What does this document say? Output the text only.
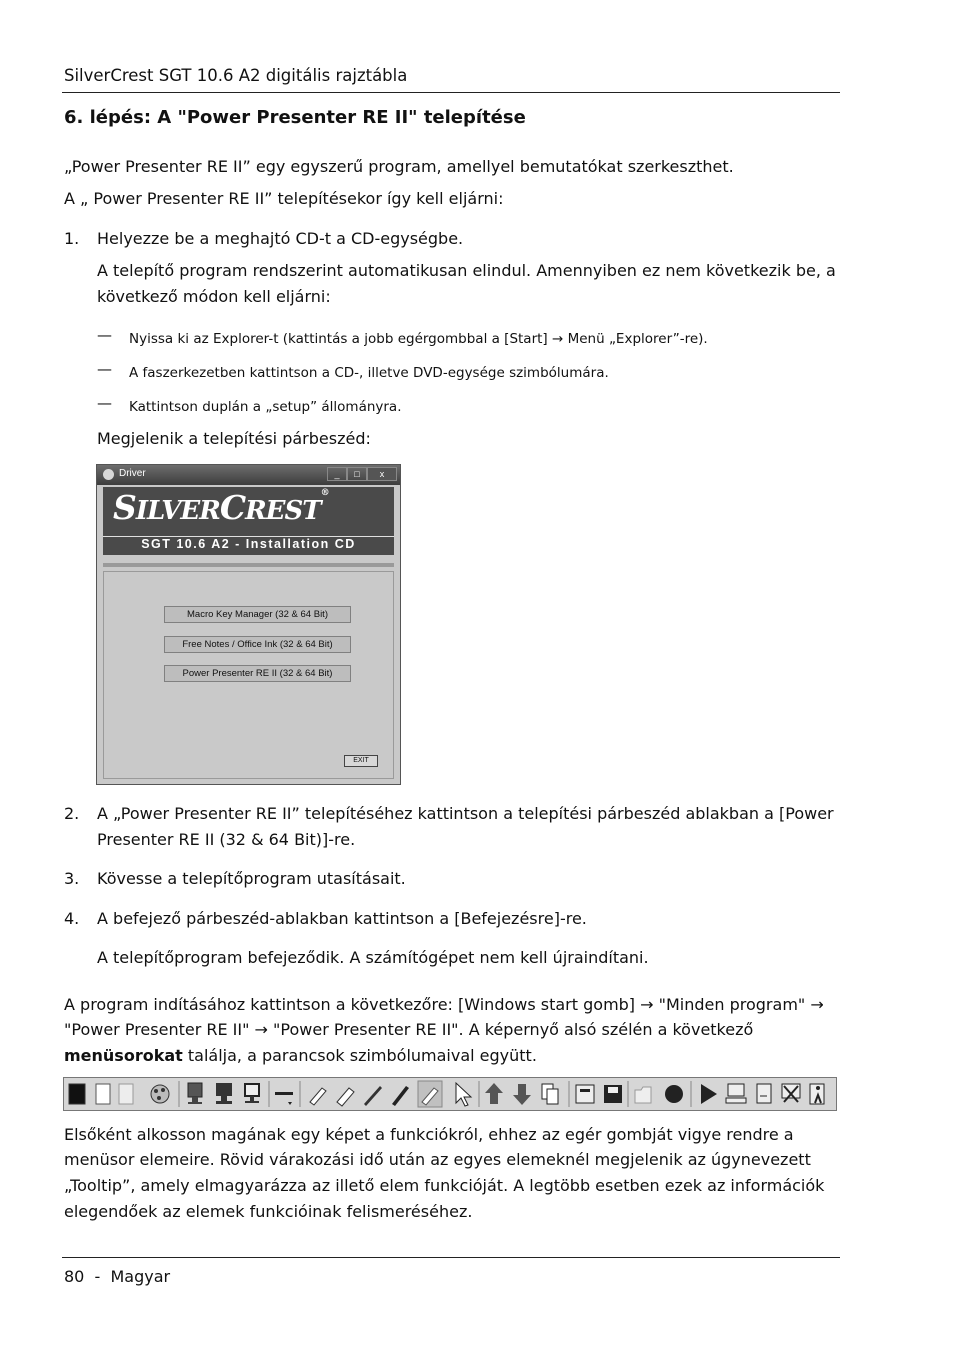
SilverCrest SGT 10.6 A2 digitális rajztábla
6. lépés: A "Power Presenter RE II" telepítése
„Power Presenter RE II” egy egyszerű program, amellyel bemutatókat szerkeszthet.
A „ Power Presenter RE II” telepítésekor így kell eljárni:
1. Helyezze be a meghajtó CD-t a CD-egységbe.
A telepítő program rendszerint automatikusan elindul. Amennyiben ez nem következik be, a
következő módon kell eljárni:
— Nyissa ki az Explorer-t (kattintás a jobb egérgombbal a [Start] → Menü „Explorer”-re).
— A faszerkezetben kattintson a CD-, illetve DVD-egysége szimbólumára.
— Kattintson duplán a „setup” állományra.
Megjelenik a telepítési párbeszéd:
Driver	_	□	x
SILVERCREST®
SGT 10.6 A2 - Installation CD
Macro Key Manager (32 & 64 Bit)
Free Notes / Office Ink (32 & 64 Bit)
Power Presenter RE II (32 & 64 Bit)
EXIT
2. A „Power Presenter RE II” telepítéséhez kattintson a telepítési párbeszéd ablakban a [Power
Presenter RE II (32 & 64 Bit)]-re.
3. Kövesse a telepítőprogram utasításait.
4. A befejező párbeszéd-ablakban kattintson a [Befejezésre]-re.
A telepítőprogram befejeződik. A számítógépet nem kell újraindítani.
A program indításához kattintson a következőre: [Windows start gomb] → "Minden program" →
"Power Presenter RE II" → "Power Presenter RE II". A képernyő alsó szélén a következő
menüsorokat találja, a parancsok szimbólumaival együtt.
Elsőként alkosson magának egy képet a funkciókról, ehhez az egér gombját vigye rendre a
menüsor elemeire. Rövid várakozási idő után az egyes elemeknél megjelenik az úgynevezett
„Tooltip”, amely elmagyarázza az illető elem funkcióját. A legtöbb esetben ezek az információk
elegendőek az elemek funkcióinak felismeréséhez.
80  -  Magyar
